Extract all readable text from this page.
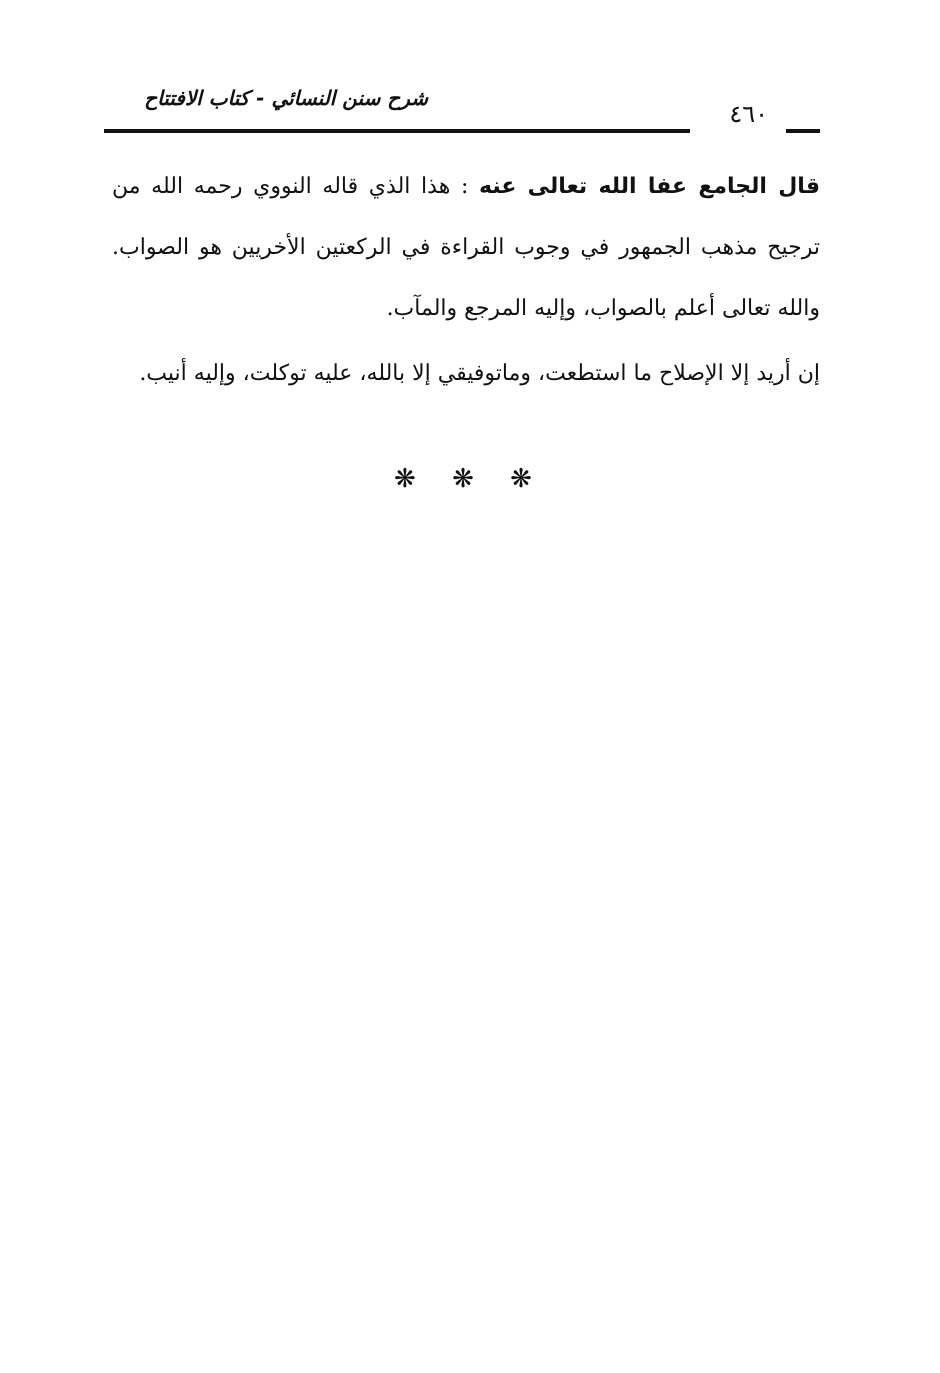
شرح سنن النسائي - كتاب الافتتاح
٤٦٠

قال الجامع عفا الله تعالى عنه : هذا الذي قاله النووي رحمه الله من ترجيح مذهب الجمهور في وجوب القراءة في الركعتين الأخريين هو الصواب. والله تعالى أعلم بالصواب، وإليه المرجع والمآب.

إن أريد إلا الإصلاح ما استطعت، وماتوفيقي إلا بالله، عليه توكلت، وإليه أنيب.

❋ ❋ ❋
